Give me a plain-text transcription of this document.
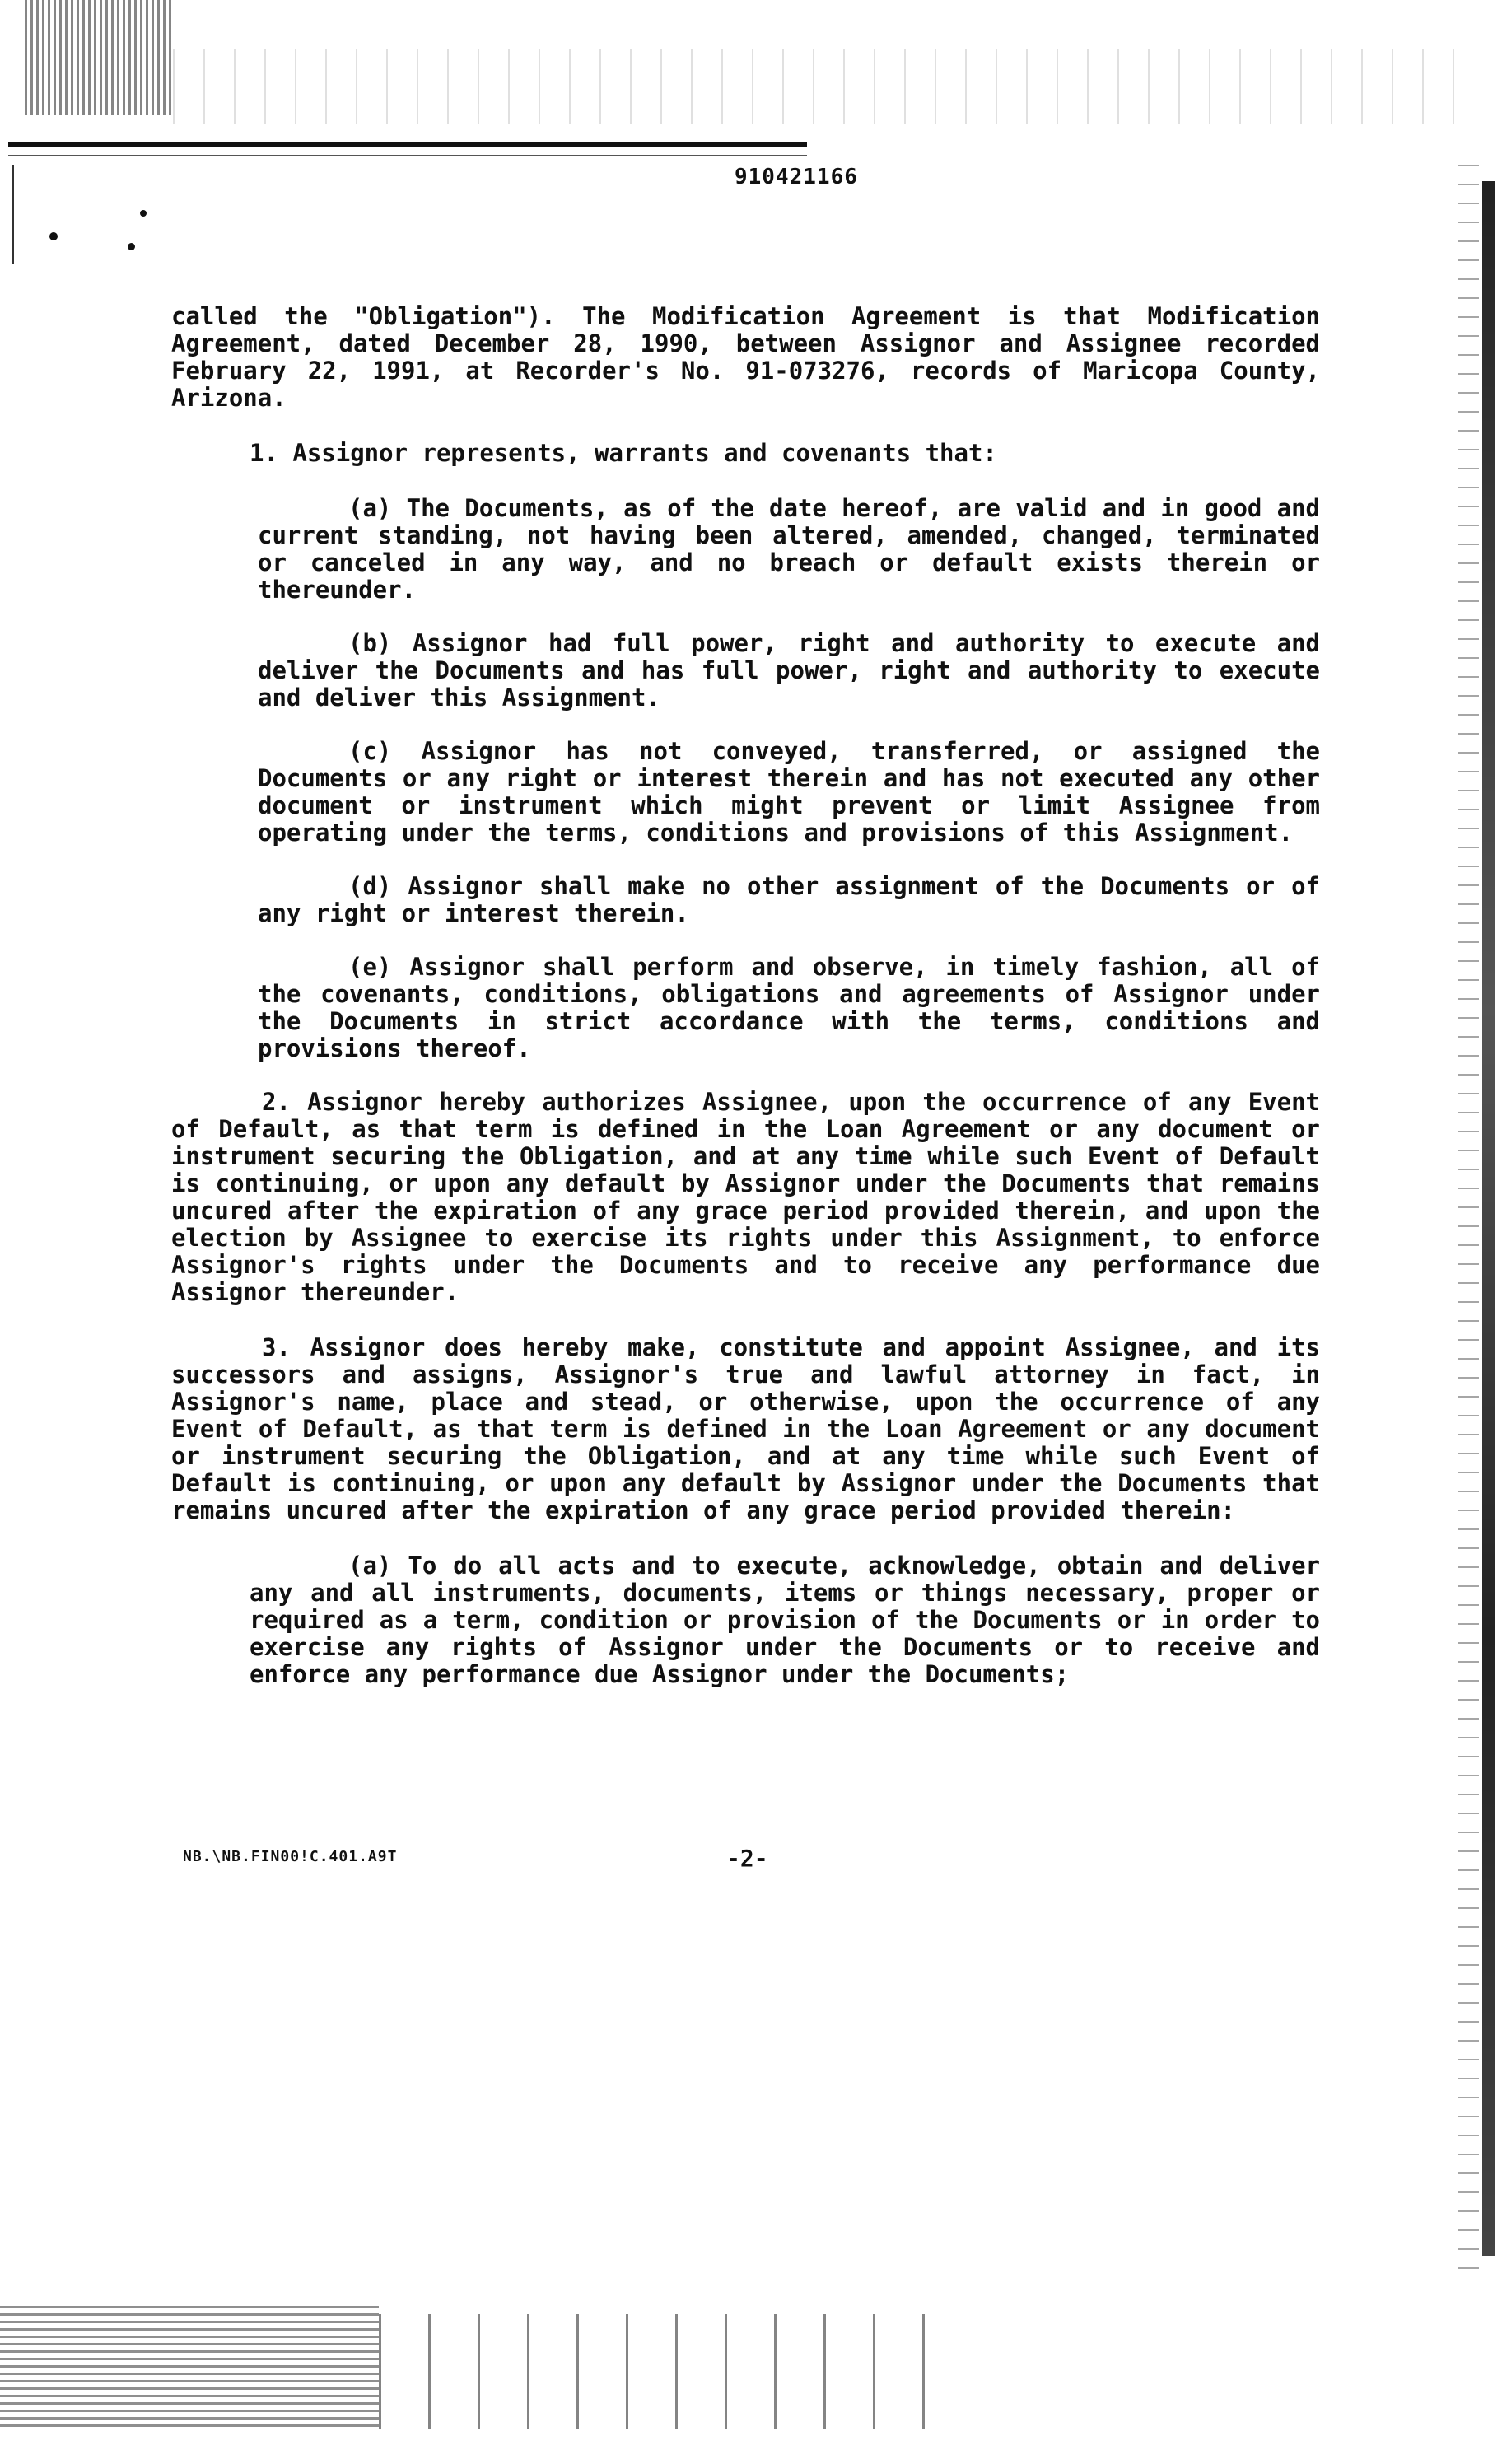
910421166

called the "Obligation"). The Modification Agreement is that Modification Agreement, dated December 28, 1990, between Assignor and Assignee recorded February 22, 1991, at Recorder's No. 91-073276, records of Maricopa County, Arizona.

1. Assignor represents, warrants and covenants that:

(a) The Documents, as of the date hereof, are valid and in good and current standing, not having been altered, amended, changed, terminated or canceled in any way, and no breach or default exists therein or thereunder.

(b) Assignor had full power, right and authority to execute and deliver the Documents and has full power, right and authority to execute and deliver this Assignment.

(c) Assignor has not conveyed, transferred, or assigned the Documents or any right or interest therein and has not executed any other document or instrument which might prevent or limit Assignee from operating under the terms, conditions and provisions of this Assignment.

(d) Assignor shall make no other assignment of the Documents or of any right or interest therein.

(e) Assignor shall perform and observe, in timely fashion, all of the covenants, conditions, obligations and agreements of Assignor under the Documents in strict accordance with the terms, conditions and provisions thereof.

2. Assignor hereby authorizes Assignee, upon the occurrence of any Event of Default, as that term is defined in the Loan Agreement or any document or instrument securing the Obligation, and at any time while such Event of Default is continuing, or upon any default by Assignor under the Documents that remains uncured after the expiration of any grace period provided therein, and upon the election by Assignee to exercise its rights under this Assignment, to enforce Assignor's rights under the Documents and to receive any performance due Assignor thereunder.

3. Assignor does hereby make, constitute and appoint Assignee, and its successors and assigns, Assignor's true and lawful attorney in fact, in Assignor's name, place and stead, or otherwise, upon the occurrence of any Event of Default, as that term is defined in the Loan Agreement or any document or instrument securing the Obligation, and at any time while such Event of Default is continuing, or upon any default by Assignor under the Documents that remains uncured after the expiration of any grace period provided therein:

(a) To do all acts and to execute, acknowledge, obtain and deliver any and all instruments, documents, items or things necessary, proper or required as a term, condition or provision of the Documents or in order to exercise any rights of Assignor under the Documents or to receive and enforce any performance due Assignor under the Documents;

NB.\NB.FIN00!C.401.A9T	-2-
